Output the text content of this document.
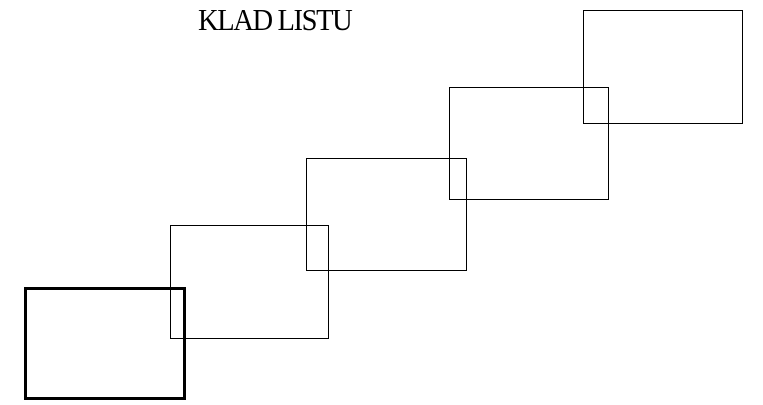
KLAD LISTU
